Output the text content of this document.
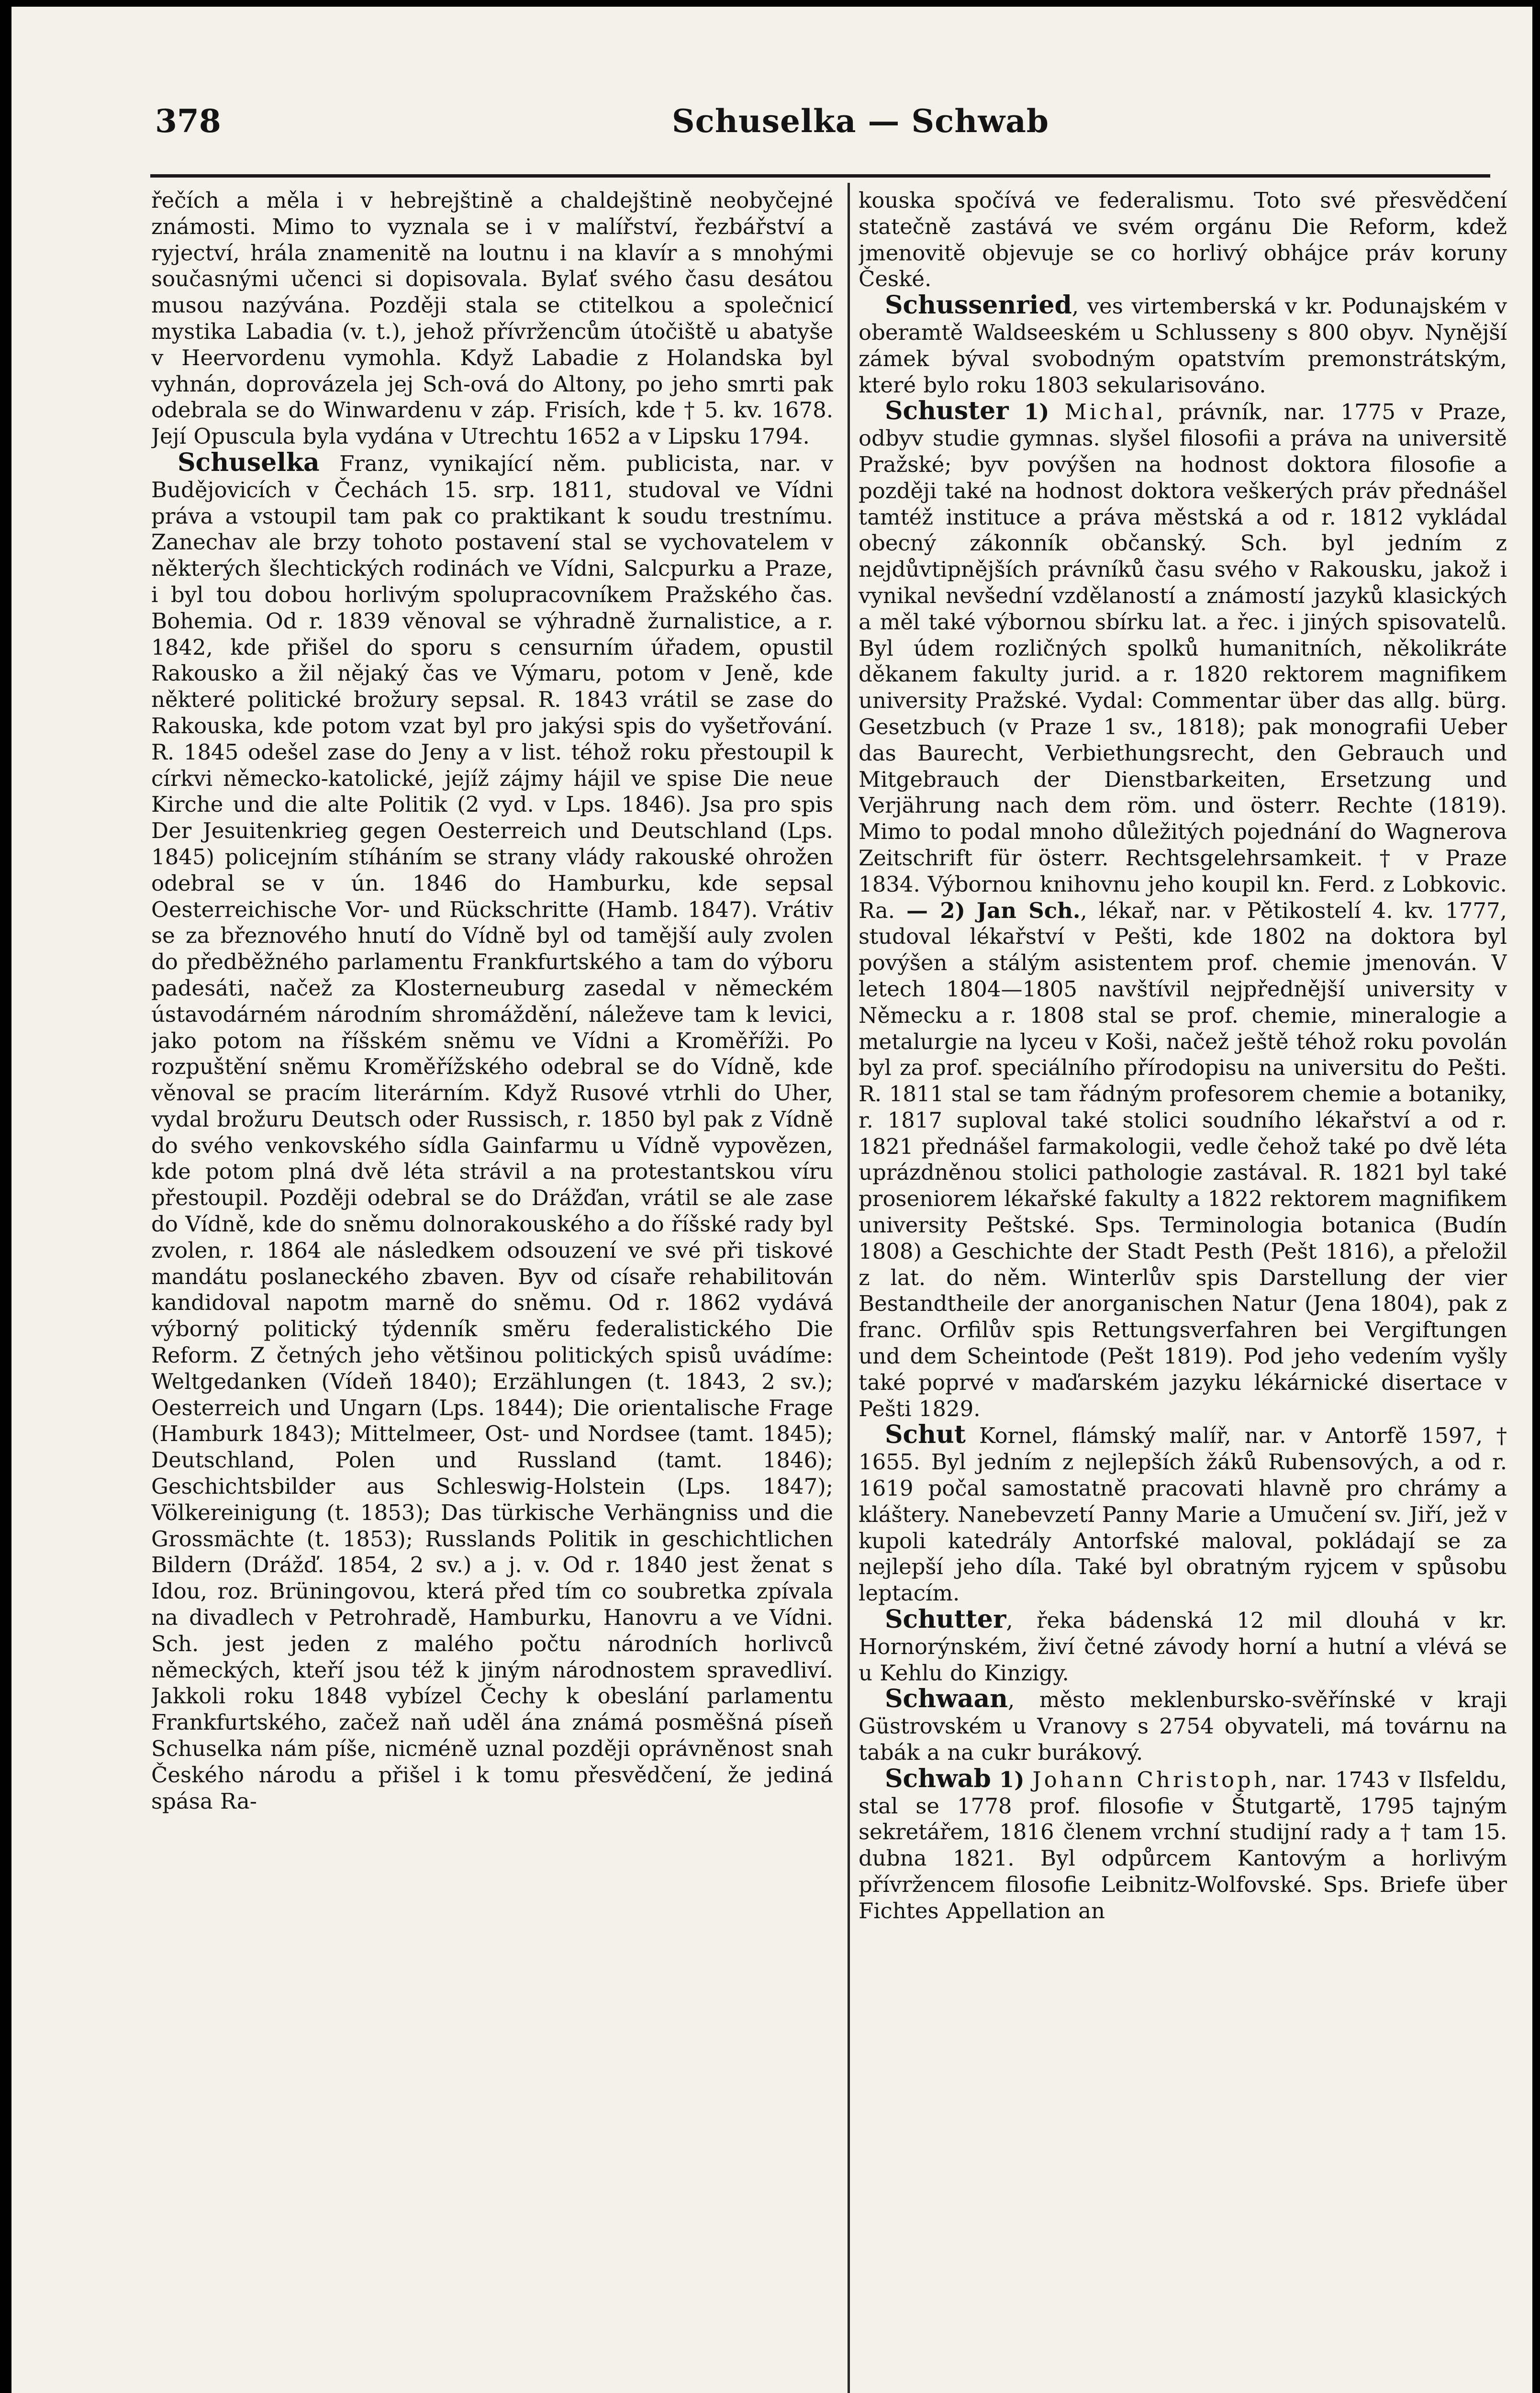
378	Schuselka — Schwab

řečích a měla i v hebrejštině a chaldejštině neobyčejné známosti. Mimo to vyznala se i v malířství, řezbářství a ryjectví, hrála znamenitě na loutnu i na klavír a s mnohými současnými učenci si dopisovala. Bylať svého času desátou musou nazývána. Později stala se ctitelkou a společnicí mystika Labadia (v. t.), jehož přívržencům útočiště u abatyše v Heervordenu vymohla. Když Labadie z Holandska byl vyhnán, doprovázela jej Sch-ová do Altony, po jeho smrti pak odebrala se do Winwardenu v záp. Frisích, kde † 5. kv. 1678. Její Opuscula byla vydána v Utrechtu 1652 a v Lipsku 1794.

Schuselka Franz, vynikající něm. publicista, nar. v Budějovicích v Čechách 15. srp. 1811, studoval ve Vídni práva a vstoupil tam pak co praktikant k soudu trestnímu. Zanechav ale brzy tohoto postavení stal se vychovatelem v některých šlechtických rodinách ve Vídni, Salcpurku a Praze, i byl tou dobou horlivým spolupracovníkem Pražského čas. Bohemia. Od r. 1839 věnoval se výhradně žurnalistice, a r. 1842, kde přišel do sporu s censurním úřadem, opustil Rakousko a žil nějaký čas ve Výmaru, potom v Jeně, kde některé politické brožury sepsal. R. 1843 vrátil se zase do Rakouska, kde potom vzat byl pro jakýsi spis do vyšetřování. R. 1845 odešel zase do Jeny a v list. téhož roku přestoupil k církvi německo-katolické, jejíž zájmy hájil ve spise Die neue Kirche und die alte Politik (2 vyd. v Lps. 1846). Jsa pro spis Der Jesuitenkrieg gegen Oesterreich und Deutschland (Lps. 1845) policejním stíháním se strany vlády rakouské ohrožen odebral se v ún. 1846 do Hamburku, kde sepsal Oesterreichische Vor- und Rückschritte (Hamb. 1847). Vrátiv se za březnového hnutí do Vídně byl od tamější auly zvolen do předběžného parlamentu Frankfurtského a tam do výboru padesáti, načež za Klosterneuburg zasedal v německém ústavodárném národním shromáždění, náleževe tam k levici, jako potom na říšském sněmu ve Vídni a Kroměříži. Po rozpuštění sněmu Kroměřížského odebral se do Vídně, kde věnoval se pracím literárním. Když Rusové vtrhli do Uher, vydal brožuru Deutsch oder Russisch, r. 1850 byl pak z Vídně do svého venkovského sídla Gainfarmu u Vídně vypovězen, kde potom plná dvě léta strávil a na protestantskou víru přestoupil. Později odebral se do Drážďan, vrátil se ale zase do Vídně, kde do sněmu dolnorakouského a do říšské rady byl zvolen, r. 1864 ale následkem odsouzení ve své při tiskové mandátu poslaneckého zbaven. Byv od císaře rehabilitován kandidoval napotm marně do sněmu. Od r. 1862 vydává výborný politický týdenník směru federalistického Die Reform. Z četných jeho většinou politických spisů uvádíme: Weltgedanken (Vídeň 1840); Erzählungen (t. 1843, 2 sv.); Oesterreich und Ungarn (Lps. 1844); Die orientalische Frage (Hamburk 1843); Mittelmeer, Ost- und Nordsee (tamt. 1845); Deutschland, Polen und Russland (tamt. 1846); Geschichtsbilder aus Schleswig-Holstein (Lps. 1847); Völkereinigung (t. 1853); Das türkische Verhängniss und die Grossmächte (t. 1853); Russlands Politik in geschichtlichen Bildern (Drážď. 1854, 2 sv.) a j. v. Od r. 1840 jest ženat s Idou, roz. Brüningovou, která před tím co soubretka zpívala na divadlech v Petrohradě, Hamburku, Hanovru a ve Vídni. Sch. jest jeden z malého počtu národních horlivců německých, kteří jsou též k jiným národnostem spravedliví. Jakkoli roku 1848 vybízel Čechy k obeslání parlamentu Frankfurtského, začež naň uděl ána známá posměšná píseň Schuselka nám píše, nicméně uznal později oprávněnost snah Českého národu a přišel i k tomu přesvědčení, že jediná spása Ra-

kouska spočívá ve federalismu. Toto své přesvědčení statečně zastává ve svém orgánu Die Reform, kdež jmenovitě objevuje se co horlivý obhájce práv koruny České.

Schussenried, ves virtemberská v kr. Podunajském v oberamtě Waldseeském u Schlusseny s 800 obyv. Nynější zámek býval svobodným opatstvím premonstrátským, které bylo roku 1803 sekularisováno.

Schuster 1) Michal, právník, nar. 1775 v Praze, odbyv studie gymnas. slyšel filosofii a práva na universitě Pražské; byv povýšen na hodnost doktora filosofie a později také na hodnost doktora veškerých práv přednášel tamtéž instituce a práva městská a od r. 1812 vykládal obecný zákonník občanský. Sch. byl jedním z nejdůvtipnějších právníků času svého v Rakousku, jakož i vynikal nevšední vzdělaností a známostí jazyků klasických a měl také výbornou sbírku lat. a řec. i jiných spisovatelů. Byl údem rozličných spolků humanitních, několikráte děkanem fakulty jurid. a r. 1820 rektorem magnifikem university Pražské. Vydal: Commentar über das allg. bürg. Gesetzbuch (v Praze 1 sv., 1818); pak monografii Ueber das Baurecht, Verbiethungsrecht, den Gebrauch und Mitgebrauch der Dienstbarkeiten, Ersetzung und Verjährung nach dem röm. und österr. Rechte (1819). Mimo to podal mnoho důležitých pojednání do Wagnerova Zeitschrift für österr. Rechtsgelehrsamkeit. † v Praze 1834. Výbornou knihovnu jeho koupil kn. Ferd. z Lobkovic. Ra. — 2) Jan Sch., lékař, nar. v Pětikostelí 4. kv. 1777, studoval lékařství v Pešti, kde 1802 na doktora byl povýšen a stálým asistentem prof. chemie jmenován. V letech 1804—1805 navštívil nejpřednější university v Německu a r. 1808 stal se prof. chemie, mineralogie a metalurgie na lyceu v Koši, načež ještě téhož roku povolán byl za prof. speciálního přírodopisu na universitu do Pešti. R. 1811 stal se tam řádným profesorem chemie a botaniky, r. 1817 suploval také stolici soudního lékařství a od r. 1821 přednášel farmakologii, vedle čehož také po dvě léta uprázdněnou stolici pathologie zastával. R. 1821 byl také proseniorem lékařské fakulty a 1822 rektorem magnifikem university Peštské. Sps. Terminologia botanica (Budín 1808) a Geschichte der Stadt Pesth (Pešt 1816), a přeložil z lat. do něm. Winterlův spis Darstellung der vier Bestandtheile der anorganischen Natur (Jena 1804), pak z franc. Orfilův spis Rettungsverfahren bei Vergiftungen und dem Scheintode (Pešt 1819). Pod jeho vedením vyšly také poprvé v maďarském jazyku lékárnické disertace v Pešti 1829.

Schut Kornel, flámský malíř, nar. v Antorfě 1597, † 1655. Byl jedním z nejlepších žáků Rubensových, a od r. 1619 počal samostatně pracovati hlavně pro chrámy a kláštery. Nanebevzetí Panny Marie a Umučení sv. Jiří, jež v kupoli katedrály Antorfské maloval, pokládají se za nejlepší jeho díla. Také byl obratným ryjcem v spůsobu leptacím.

Schutter, řeka bádenská 12 mil dlouhá v kr. Hornorýnském, živí četné závody horní a hutní a vlévá se u Kehlu do Kinzigy.

Schwaan, město meklenbursko-svěřínské v kraji Güstrovském u Vranovy s 2754 obyvateli, má továrnu na tabák a na cukr burákový.

Schwab 1) Johann Christoph, nar. 1743 v Ilsfeldu, stal se 1778 prof. filosofie v Štutgartě, 1795 tajným sekretářem, 1816 členem vrchní studijní rady a † tam 15. dubna 1821. Byl odpůrcem Kantovým a horlivým přívržencem filosofie Leibnitz-Wolfovské. Sps. Briefe über Fichtes Appellation an
